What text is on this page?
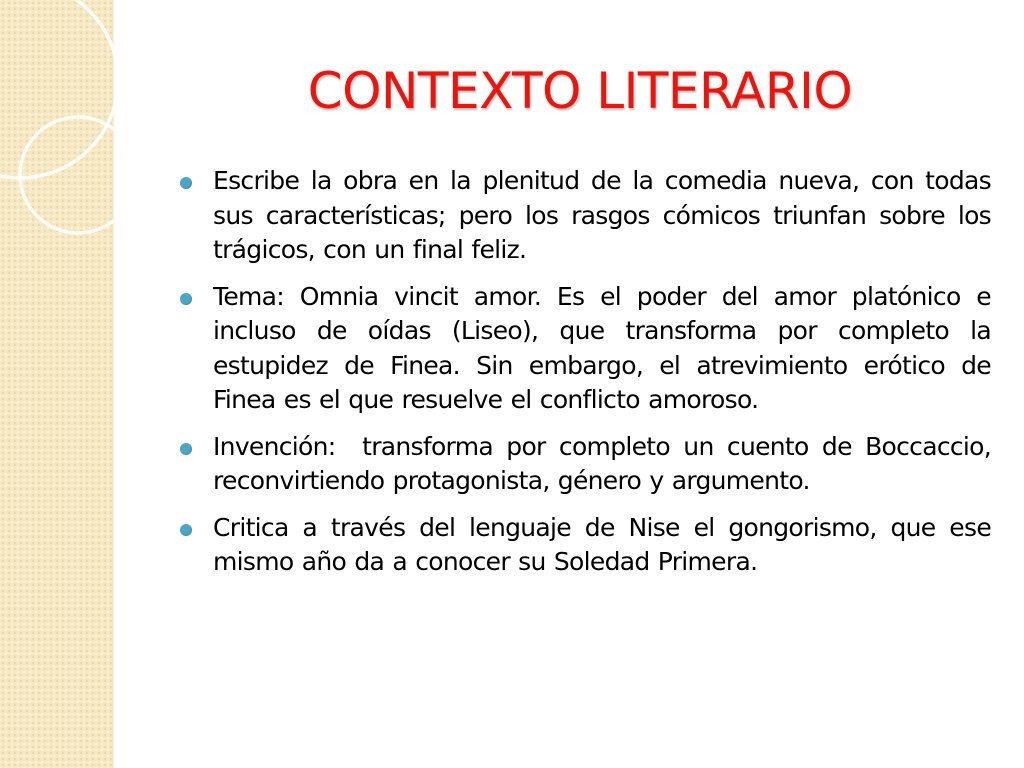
CONTEXTO LITERARIO
Escribe la obra en la plenitud de la comedia nueva, con todas sus características; pero los rasgos cómicos triunfan sobre los trágicos, con un final feliz.
Tema: Omnia vincit amor. Es el poder del amor platónico e incluso de oídas (Liseo), que transforma por completo la estupidez de Finea. Sin embargo, el atrevimiento erótico de Finea es el que resuelve el conflicto amoroso.
Invención:  transforma por completo un cuento de Boccaccio,  reconvirtiendo protagonista, género y argumento.
Critica a través del lenguaje de Nise el gongorismo, que ese mismo año da a conocer su Soledad Primera.
